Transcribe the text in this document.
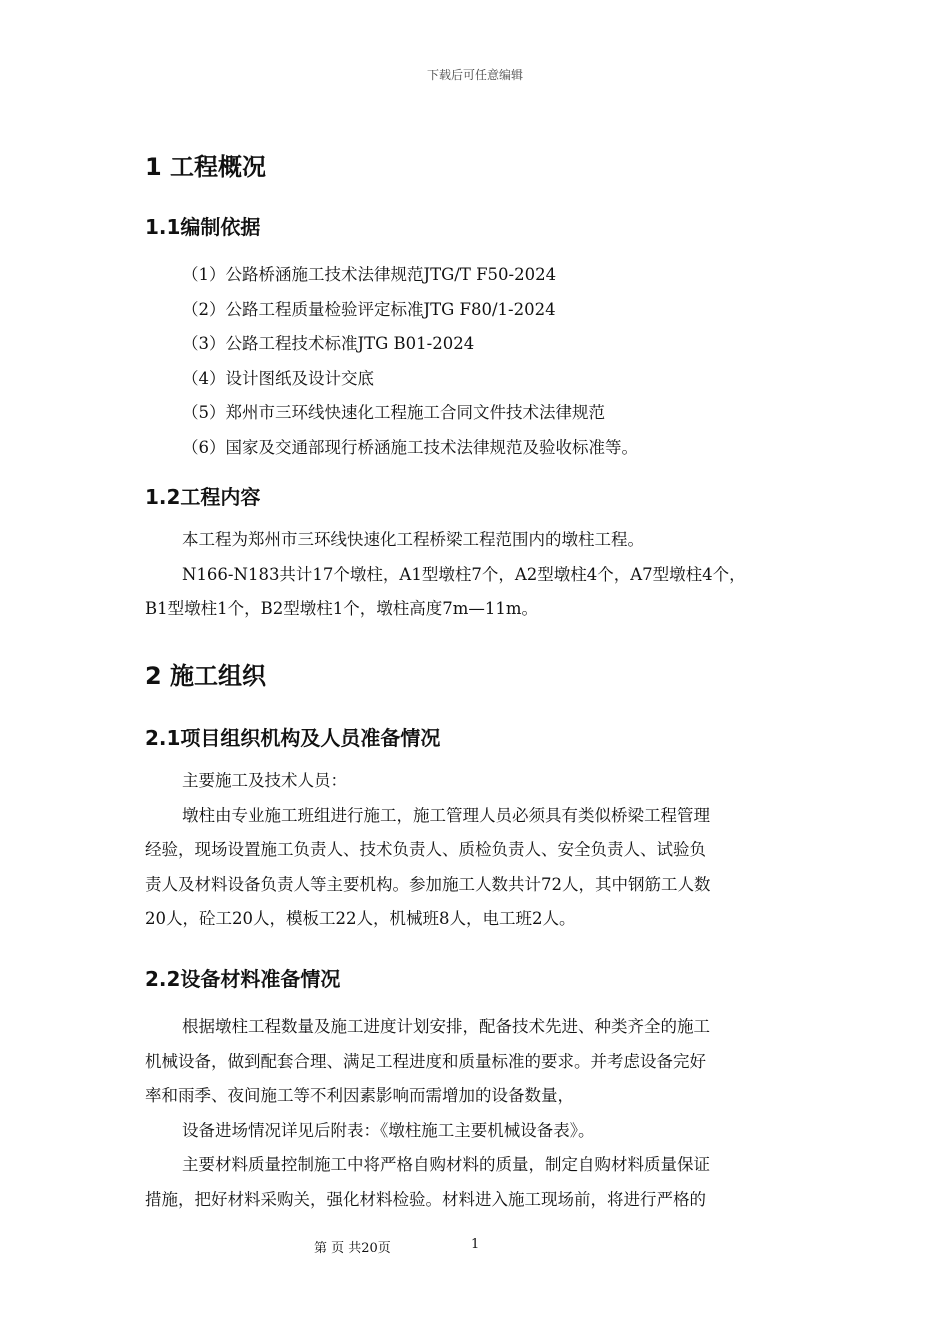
下载后可任意编辑
1 工程概况
1.1编制依据
（1）公路桥涵施工技术法律规范JTG/T F50-2024
（2）公路工程质量检验评定标准JTG F80/1-2024
（3）公路工程技术标准JTG B01-2024
（4）设计图纸及设计交底
（5）郑州市三环线快速化工程施工合同文件技术法律规范
（6）国家及交通部现行桥涵施工技术法律规范及验收标准等。
1.2工程内容
本工程为郑州市三环线快速化工程桥梁工程范围内的墩柱工程。
N166-N183共计17个墩柱，A1型墩柱7个，A2型墩柱4个，A7型墩柱4个，
B1型墩柱1个，B2型墩柱1个，墩柱高度7m—11m。
2 施工组织
2.1项目组织机构及人员准备情况
主要施工及技术人员：
墩柱由专业施工班组进行施工，施工管理人员必须具有类似桥梁工程管理
经验，现场设置施工负责人、技术负责人、质检负责人、安全负责人、试验负
责人及材料设备负责人等主要机构。参加施工人数共计72人，其中钢筋工人数
20人，砼工20人，模板工22人，机械班8人，电工班2人。
2.2设备材料准备情况
根据墩柱工程数量及施工进度计划安排，配备技术先进、种类齐全的施工
机械设备，做到配套合理、满足工程进度和质量标准的要求。并考虑设备完好
率和雨季、夜间施工等不利因素影响而需增加的设备数量，
设备进场情况详见后附表：《墩柱施工主要机械设备表》。
主要材料质量控制施工中将严格自购材料的质量，制定自购材料质量保证
措施，把好材料采购关，强化材料检验。材料进入施工现场前，将进行严格的
第 页 共20页	1
